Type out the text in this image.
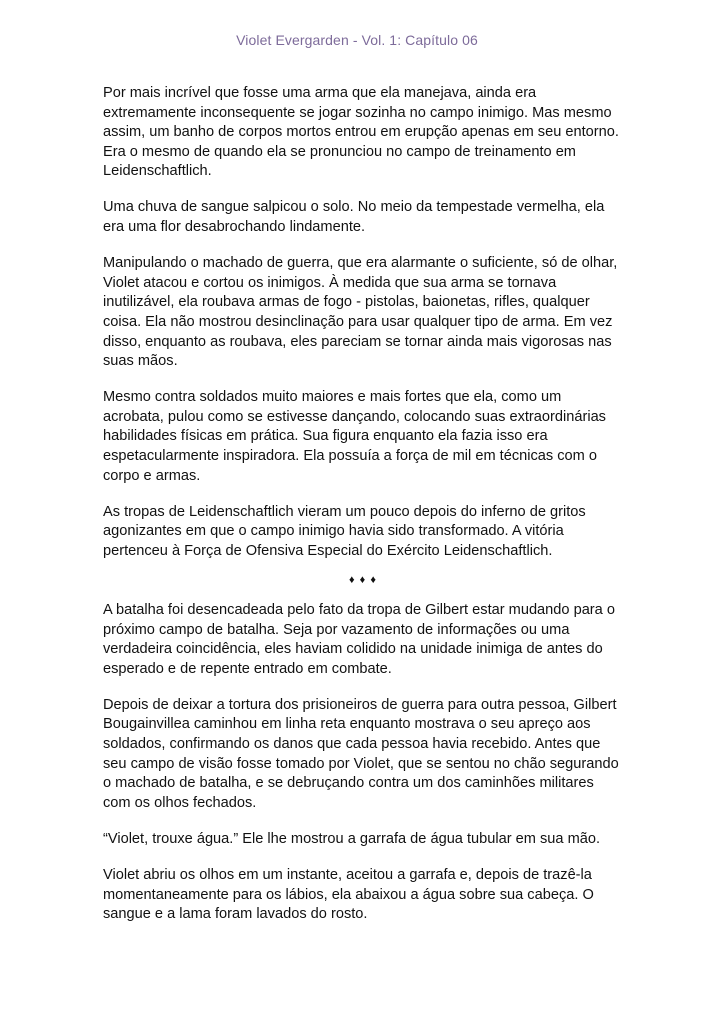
Violet Evergarden - Vol. 1: Capítulo 06

Por mais incrível que fosse uma arma que ela manejava, ainda era extremamente inconsequente se jogar sozinha no campo inimigo. Mas mesmo assim, um banho de corpos mortos entrou em erupção apenas em seu entorno. Era o mesmo de quando ela se pronunciou no campo de treinamento em Leidenschaftlich.

Uma chuva de sangue salpicou o solo. No meio da tempestade vermelha, ela era uma flor desabrochando lindamente.

Manipulando o machado de guerra, que era alarmante o suficiente, só de olhar, Violet atacou e cortou os inimigos. À medida que sua arma se tornava inutilizável, ela roubava armas de fogo - pistolas, baionetas, rifles, qualquer coisa. Ela não mostrou desinclinação para usar qualquer tipo de arma. Em vez disso, enquanto as roubava, eles pareciam se tornar ainda mais vigorosas nas suas mãos.

Mesmo contra soldados muito maiores e mais fortes que ela, como um acrobata, pulou como se estivesse dançando, colocando suas extraordinárias habilidades físicas em prática. Sua figura enquanto ela fazia isso era espetacularmente inspiradora. Ela possuía a força de mil em técnicas com o corpo e armas.

As tropas de Leidenschaftlich vieram um pouco depois do inferno de gritos agonizantes em que o campo inimigo havia sido transformado. A vitória pertenceu à Força de Ofensiva Especial do Exército Leidenschaftlich.

♦ ♦ ♦

A batalha foi desencadeada pelo fato da tropa de Gilbert estar mudando para o próximo campo de batalha. Seja por vazamento de informações ou uma verdadeira coincidência, eles haviam colidido na unidade inimiga de antes do esperado e de repente entrado em combate.

Depois de deixar a tortura dos prisioneiros de guerra para outra pessoa, Gilbert Bougainvillea caminhou em linha reta enquanto mostrava o seu apreço aos soldados, confirmando os danos que cada pessoa havia recebido. Antes que seu campo de visão fosse tomado por Violet, que se sentou no chão segurando o machado de batalha, e se debruçando contra um dos caminhões militares com os olhos fechados.

“Violet, trouxe água.” Ele lhe mostrou a garrafa de água tubular em sua mão.

Violet abriu os olhos em um instante, aceitou a garrafa e, depois de trazê-la momentaneamente para os lábios, ela abaixou a água sobre sua cabeça. O sangue e a lama foram lavados do rosto.
